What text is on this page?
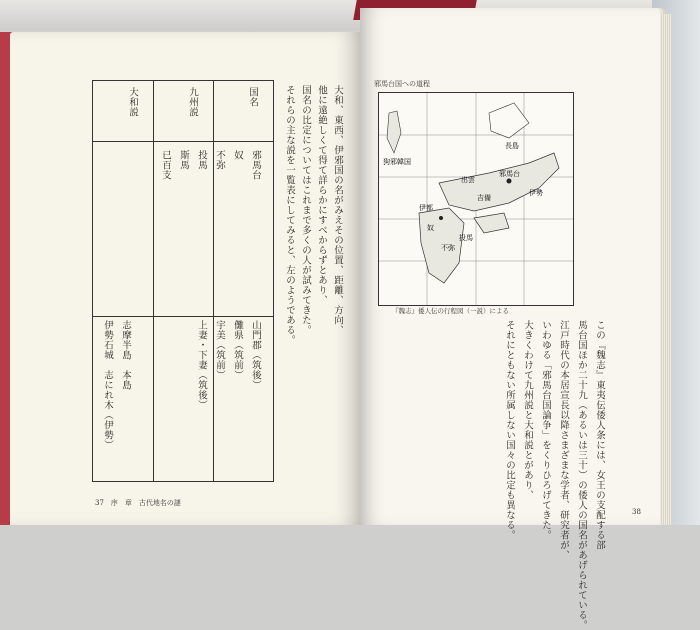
国名
九州説
大和説
邪馬台
奴
不弥
投馬
斯馬
已百支
山門郡（筑後）
儺県（筑前）
宇美（筑前）
上妻・下妻（筑後）
志摩半島　本島
伊勢石城　志にれ木（伊勢）
大和、東西、伊邪国の名がみえその位置、距離、方向、
他に遠絶しくて得て詳らかにすべからずとあり、
国名の比定についてはこれまで多くの人が試みてきた。
それらの主な説を一覧表にしてみると、左のようである。
37　序　章　古代地名の謎
邪馬台国への道程
長島
邪馬台
伊勢
吉備
出雲
投馬
伊都
奴
不弥
狗邪韓国
『魏志』倭人伝の行程図（一説）による
この『魏志』東夷伝倭人条には、女王の支配する部
馬台国ほか二十九（あるいは三十）の倭人の国名があげられている。
江戸時代の本居宣長以降さまざまな学者、研究者が、
いわゆる「邪馬台国論争」をくりひろげてきた。
大きくわけて九州説と大和説とがあり、
それにともない所属しない国々の比定も異なる。	38
